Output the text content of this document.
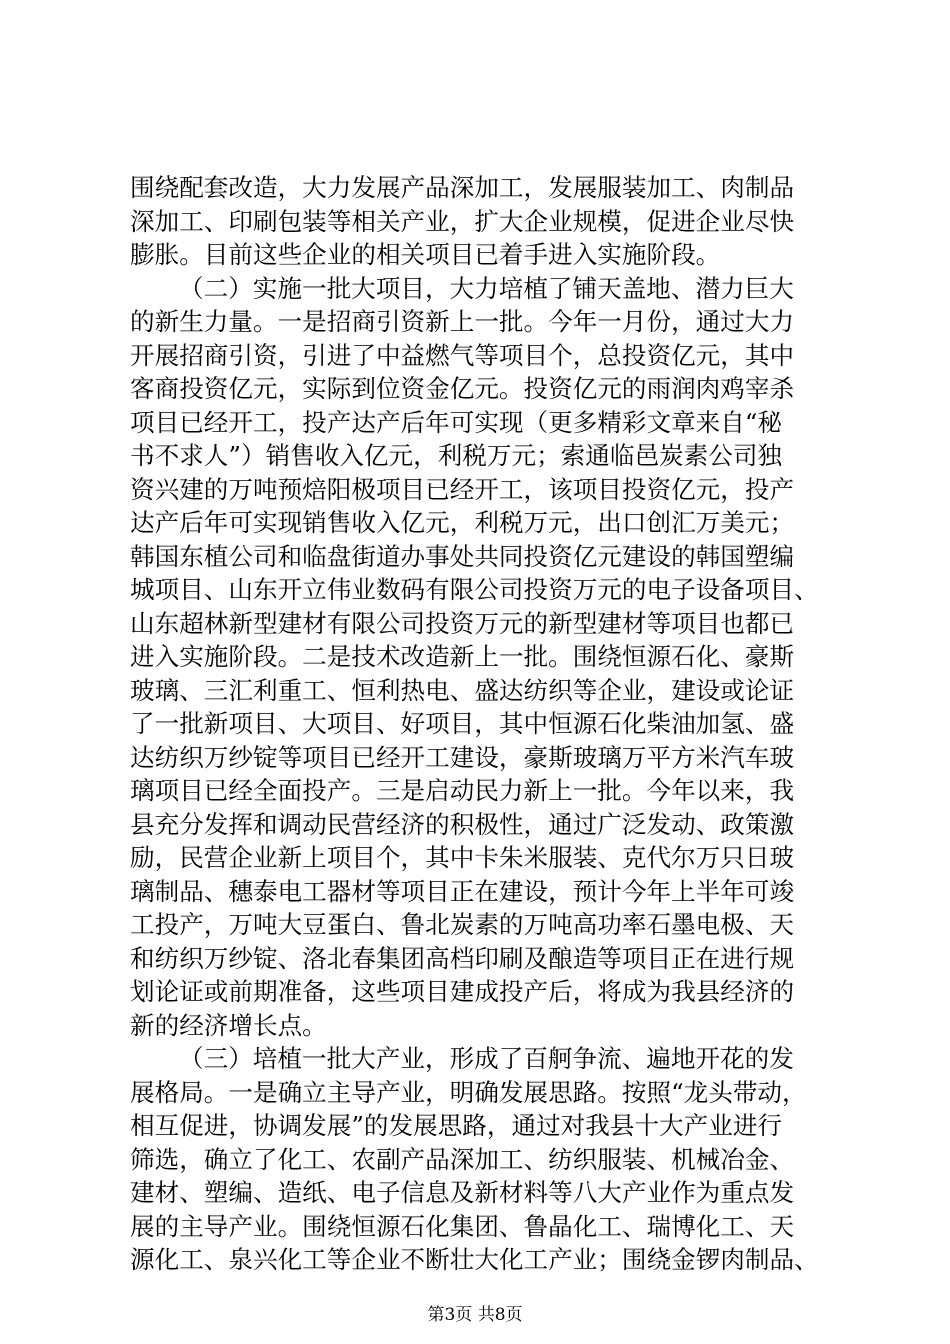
围绕配套改造，大力发展产品深加工，发展服装加工、肉制品
深加工、印刷包装等相关产业，扩大企业规模，促进企业尽快
膨胀。目前这些企业的相关项目已着手进入实施阶段。
（二）实施一批大项目，大力培植了铺天盖地、潜力巨大
的新生力量。一是招商引资新上一批。今年一月份，通过大力
开展招商引资，引进了中益燃气等项目个，总投资亿元，其中
客商投资亿元，实际到位资金亿元。投资亿元的雨润肉鸡宰杀
项目已经开工，投产达产后年可实现（更多精彩文章来自“秘
书不求人”）销售收入亿元，利税万元；索通临邑炭素公司独
资兴建的万吨预焙阳极项目已经开工，该项目投资亿元，投产
达产后年可实现销售收入亿元，利税万元，出口创汇万美元；
韩国东植公司和临盘街道办事处共同投资亿元建设的韩国塑编
城项目、山东开立伟业数码有限公司投资万元的电子设备项目、
山东超林新型建材有限公司投资万元的新型建材等项目也都已
进入实施阶段。二是技术改造新上一批。围绕恒源石化、豪斯
玻璃、三汇利重工、恒利热电、盛达纺织等企业，建设或论证
了一批新项目、大项目、好项目，其中恒源石化柴油加氢、盛
达纺织万纱锭等项目已经开工建设，豪斯玻璃万平方米汽车玻
璃项目已经全面投产。三是启动民力新上一批。今年以来，我
县充分发挥和调动民营经济的积极性，通过广泛发动、政策激
励，民营企业新上项目个，其中卡朱米服装、克代尔万只日玻
璃制品、穗泰电工器材等项目正在建设，预计今年上半年可竣
工投产，万吨大豆蛋白、鲁北炭素的万吨高功率石墨电极、天
和纺织万纱锭、洛北春集团高档印刷及酿造等项目正在进行规
划论证或前期准备，这些项目建成投产后，将成为我县经济的
新的经济增长点。
（三）培植一批大产业，形成了百舸争流、遍地开花的发
展格局。一是确立主导产业，明确发展思路。按照“龙头带动，
相互促进，协调发展”的发展思路，通过对我县十大产业进行
筛选，确立了化工、农副产品深加工、纺织服装、机械冶金、
建材、塑编、造纸、电子信息及新材料等八大产业作为重点发
展的主导产业。围绕恒源石化集团、鲁晶化工、瑞博化工、天
源化工、泉兴化工等企业不断壮大化工产业；围绕金锣肉制品、
第3页 共8页
